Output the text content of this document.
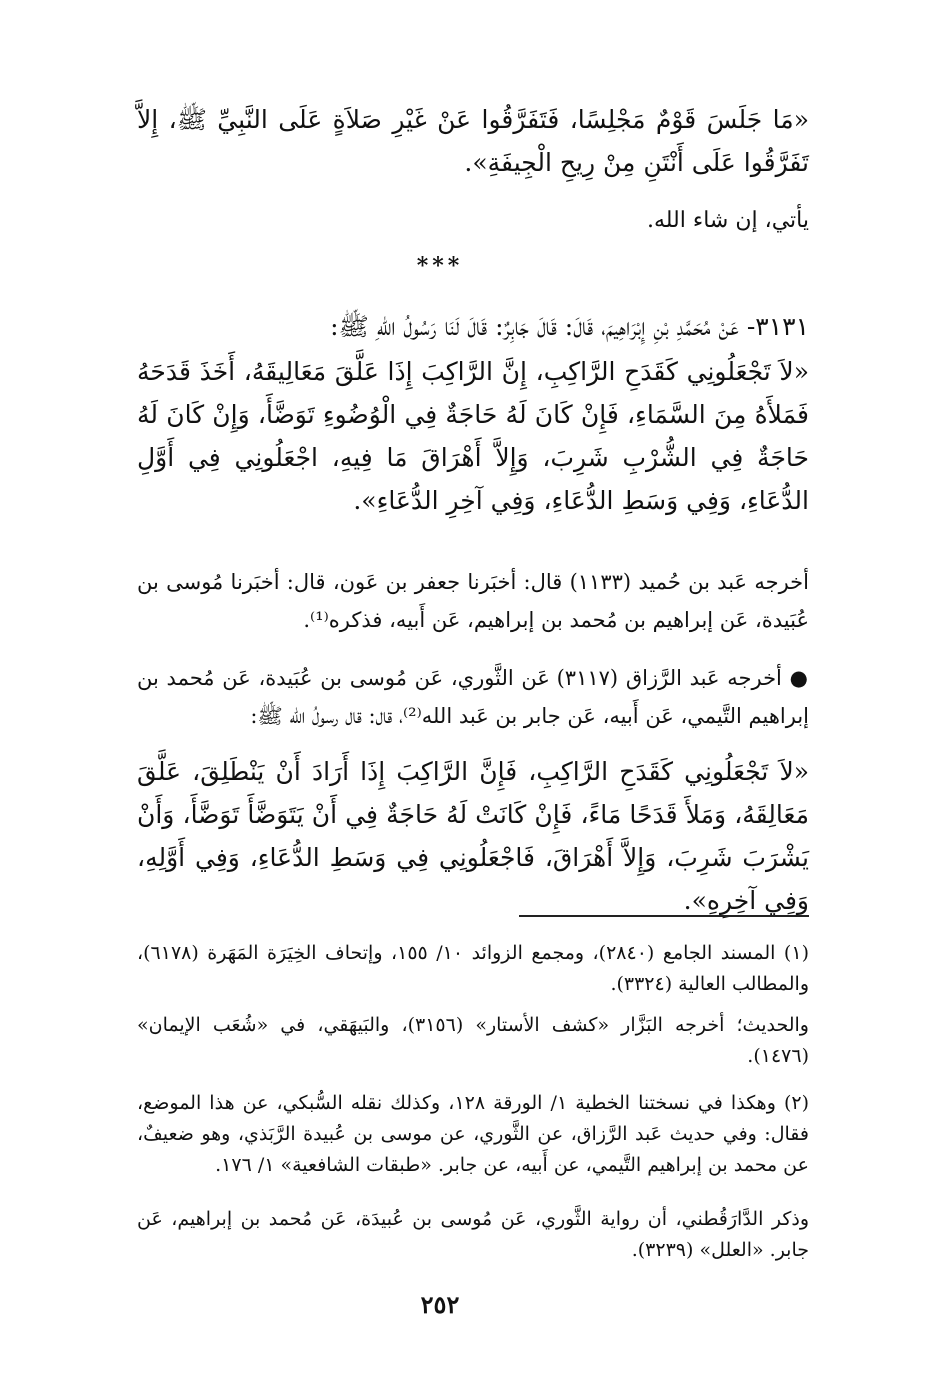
«مَا جَلَسَ قَوْمٌ مَجْلِسًا، فَتَفَرَّقُوا عَنْ غَيْرِ صَلاَةٍ عَلَى النَّبِيِّ ﷺ، إِلاَّ تَفَرَّقُوا عَلَى أَنْتَنِ مِنْ رِيحِ الْجِيفَةِ».
يأتي، إن شاء الله.
***
٣١٣١- عَنْ مُحَمَّدِ بْنِ إِبْرَاهِيمَ، قَالَ: قَالَ جَابِرٌ: قَالَ لَنَا رَسُولُ اللهِ ﷺ:
«لاَ تَجْعَلُونِي كَقَدَحِ الرَّاكِبِ، إِنَّ الرَّاكِبَ إِذَا عَلَّقَ مَعَالِيقَهُ، أَخَذَ قَدَحَهُ فَمَلأَهُ مِنَ السَّمَاءِ، فَإِنْ كَانَ لَهُ حَاجَةٌ فِي الْوُضُوءِ تَوَضَّأَ، وَإِنْ كَانَ لَهُ حَاجَةٌ فِي الشُّرْبِ شَرِبَ، وَإِلاَّ أَهْرَاقَ مَا فِيهِ، اجْعَلُونِي فِي أَوَّلِ الدُّعَاءِ، وَفِي وَسَطِ الدُّعَاءِ، وَفِي آخِرِ الدُّعَاءِ».
أخرجه عَبد بن حُميد (١١٣٣) قال: أخبَرنا جعفر بن عَون، قال: أخبَرنا مُوسى بن عُبَيدة، عَن إبراهيم بن مُحمد بن إبراهيم، عَن أَبيه، فذكره⁽¹⁾.
● أخرجه عَبد الرَّزاق (٣١١٧) عَن الثَّوري، عَن مُوسى بن عُبَيدة، عَن مُحمد بن إبراهيم التَّيمي، عَن أَبيه، عَن جابر بن عَبد الله⁽²⁾، قال: قال رسولُ الله ﷺ:
«لاَ تَجْعَلُونِي كَقَدَحِ الرَّاكِبِ، فَإِنَّ الرَّاكِبَ إِذَا أَرَادَ أَنْ يَنْطَلِقَ، عَلَّقَ مَعَالِقَهُ، وَمَلأَ قَدَحًا مَاءً، فَإِنْ كَانَتْ لَهُ حَاجَةٌ فِي أَنْ يَتَوَضَّأَ تَوَضَّأَ، وَأَنْ يَشْرَبَ شَرِبَ، وَإِلاَّ أَهْرَاقَ، فَاجْعَلُونِي فِي وَسَطِ الدُّعَاءِ، وَفِي أَوَّلِهِ، وَفِي آخِرِهِ».
(١) المسند الجامع (٢٨٤٠)، ومجمع الزوائد ١٠/ ١٥٥، وإتحاف الخِيَرَة المَهَرة (٦١٧٨)، والمطالب العالية (٣٣٢٤).
والحديث؛ أخرجه البَزَّار «كشف الأستار» (٣١٥٦)، والبَيهَقي، في «شُعَب الإيمان» (١٤٧٦).
(٢) وهكذا في نسختنا الخطية ١/ الورقة ١٢٨، وكذلك نقله السُّبكي، عن هذا الموضع، فقال: وفي حديث عَبد الرَّزاق، عن الثَّوري، عن موسى بن عُبيدة الرَّبَذي، وهو ضعيفٌ، عن محمد بن إبراهيم التَّيمي، عن أَبيه، عن جابر. «طبقات الشافعية» ١/ ١٧٦.
وذكر الدَّارَقُطني، أن رواية الثَّوري، عَن مُوسى بن عُبيدَة، عَن مُحمد بن إبراهيم، عَن جابر. «العلل» (٣٢٣٩).
٢٥٢
